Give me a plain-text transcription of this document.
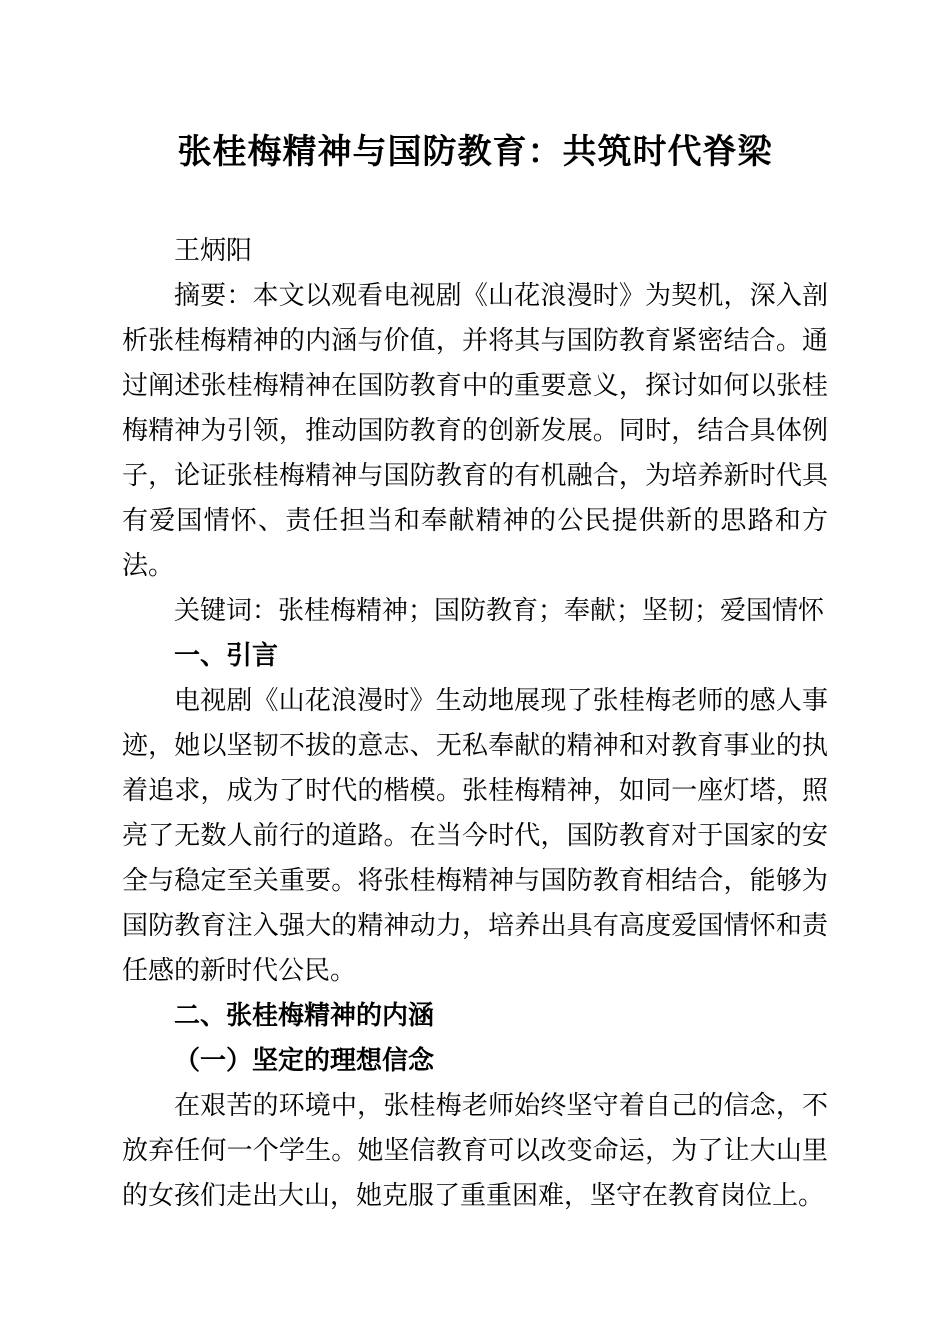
张桂梅精神与国防教育：共筑时代脊梁

王炳阳

摘要：本文以观看电视剧《山花浪漫时》为契机，深入剖析张桂梅精神的内涵与价值，并将其与国防教育紧密结合。通过阐述张桂梅精神在国防教育中的重要意义，探讨如何以张桂梅精神为引领，推动国防教育的创新发展。同时，结合具体例子，论证张桂梅精神与国防教育的有机融合，为培养新时代具有爱国情怀、责任担当和奉献精神的公民提供新的思路和方法。

关键词：张桂梅精神；国防教育；奉献；坚韧；爱国情怀

一、引言

电视剧《山花浪漫时》生动地展现了张桂梅老师的感人事迹，她以坚韧不拔的意志、无私奉献的精神和对教育事业的执着追求，成为了时代的楷模。张桂梅精神，如同一座灯塔，照亮了无数人前行的道路。在当今时代，国防教育对于国家的安全与稳定至关重要。将张桂梅精神与国防教育相结合，能够为国防教育注入强大的精神动力，培养出具有高度爱国情怀和责任感的新时代公民。

二、张桂梅精神的内涵
（一）坚定的理想信念

在艰苦的环境中，张桂梅老师始终坚守着自己的信念，不放弃任何一个学生。她坚信教育可以改变命运，为了让大山里的女孩们走出大山，她克服了重重困难，坚守在教育岗位上。
